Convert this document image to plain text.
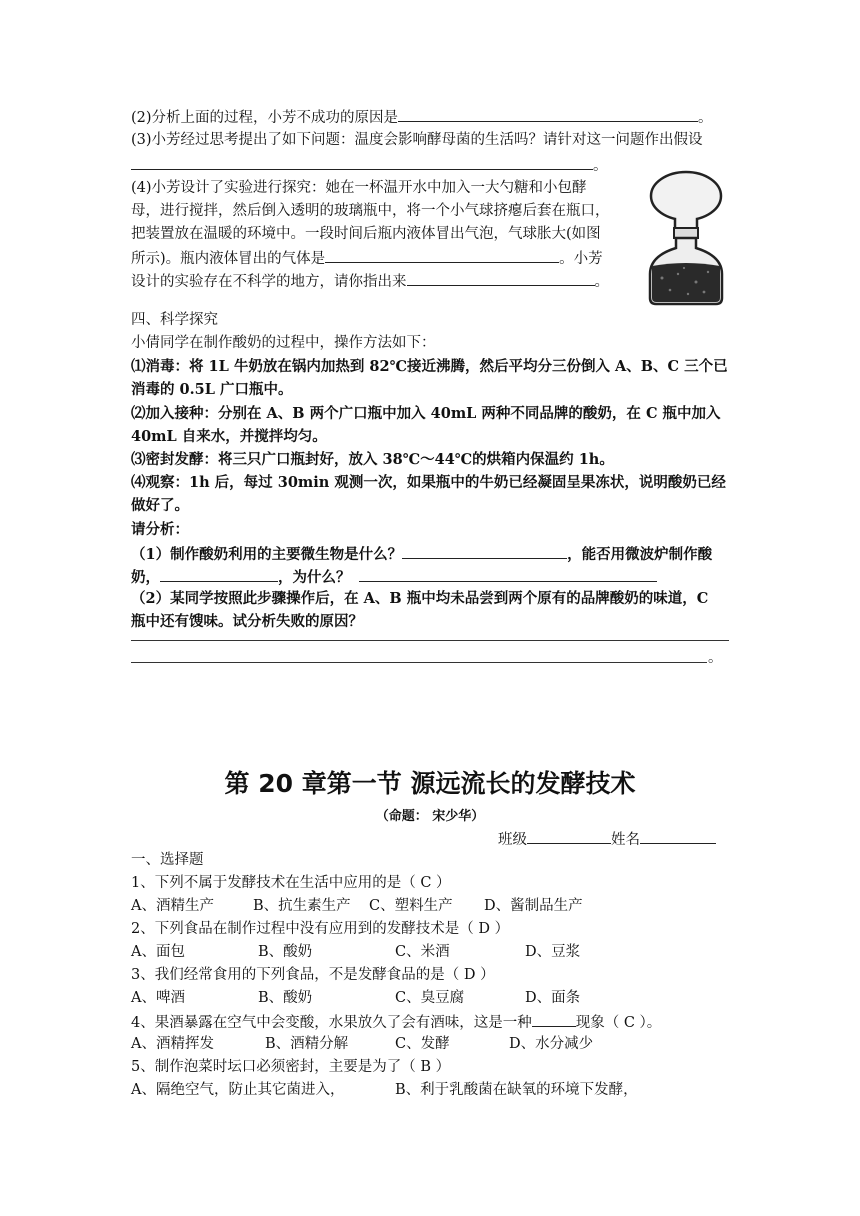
(2)分析上面的过程，小芳不成功的原因是	。
(3)小芳经过思考提出了如下问题：温度会影响酵母菌的生活吗？请针对这一问题作出假设
。
(4)小芳设计了实验进行探究：她在一杯温开水中加入一大勺糖和小包酵
母，进行搅拌，然后倒入透明的玻璃瓶中，将一个小气球挤瘪后套在瓶口，
把装置放在温暖的环境中。一段时间后瓶内液体冒出气泡，气球胀大(如图
所示)。瓶内液体冒出的气体是	。小芳
设计的实验存在不科学的地方，请你指出来	。
四、科学探究
小倩同学在制作酸奶的过程中，操作方法如下：
⑴消毒：将 1L 牛奶放在锅内加热到 82℃接近沸腾，然后平均分三份倒入 A、B、C 三个已
消毒的 0.5L 广口瓶中。
⑵加入接种：分别在 A、B 两个广口瓶中加入 40mL 两种不同品牌的酸奶，在 C 瓶中加入
40mL 自来水，并搅拌均匀。
⑶密封发酵：将三只广口瓶封好，放入 38℃～44℃的烘箱内保温约 1h。
⑷观察：1h 后，每过 30min 观测一次，如果瓶中的牛奶已经凝固呈果冻状，说明酸奶已经
做好了。
请分析：
（1）制作酸奶利用的主要微生物是什么？	，能否用微波炉制作酸
奶，	，为什么？
（2）某同学按照此步骤操作后，在 A、B 瓶中均未品尝到两个原有的品牌酸奶的味道，C
瓶中还有馊味。试分析失败的原因？
。
第 20 章第一节 源远流长的发酵技术
（命题： 宋少华）
班级	姓名
一、选择题
1、下列不属于发酵技术在生活中应用的是（ C ）
A、酒精生产	B、抗生素生产 C、塑料生产 D、酱制品生产
2、下列食品在制作过程中没有应用到的发酵技术是（ D ）
A、面包	B、酸奶	C、米酒	D、豆浆
3、我们经常食用的下列食品，不是发酵食品的是（ D ）
A、啤酒	B、酸奶	C、臭豆腐	D、面条
4、果酒暴露在空气中会变酸，水果放久了会有酒味，这是一种	现象（ C ）。
A、酒精挥发	B、酒精分解	C、发酵	D、水分减少
5、制作泡菜时坛口必须密封，主要是为了（ B ）
A、隔绝空气，防止其它菌进入，	B、利于乳酸菌在缺氧的环境下发酵，
